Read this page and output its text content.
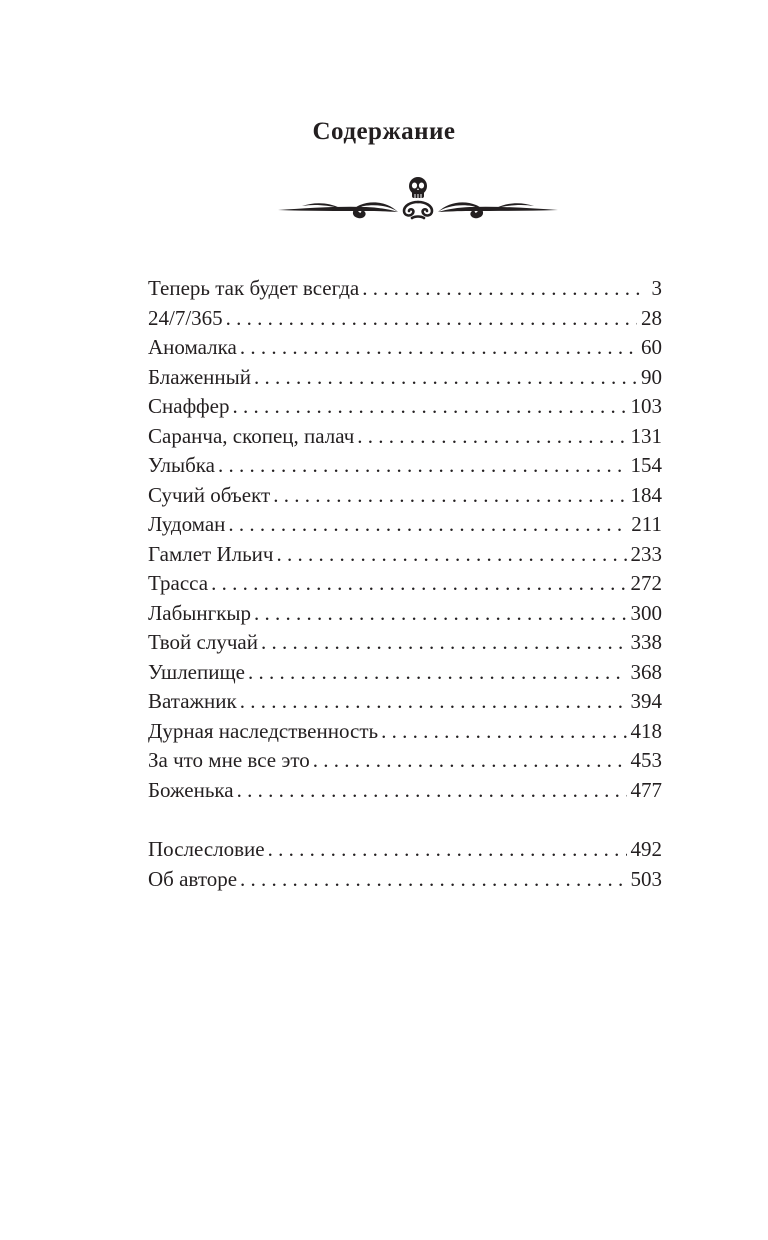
Содержание
Теперь так будет всегда . . .	3
24/7/365 . . .	28
Аномалка . . .	60
Блаженный . . .	90
Снаффер . . .	103
Саранча, скопец, палач . . .	131
Улыбка . . .	154
Сучий объект . . .	184
Лудоман . . .	211
Гамлет Ильич . . .	233
Трасса . . .	272
Лабынгкыр . . .	300
Твой случай . . .	338
Ушлепище . . .	368
Ватажник . . .	394
Дурная наследственность . . .	418
За что мне все это . . .	453
Боженька . . .	477
Послесловие . . .	492
Об авторе . . .	503
